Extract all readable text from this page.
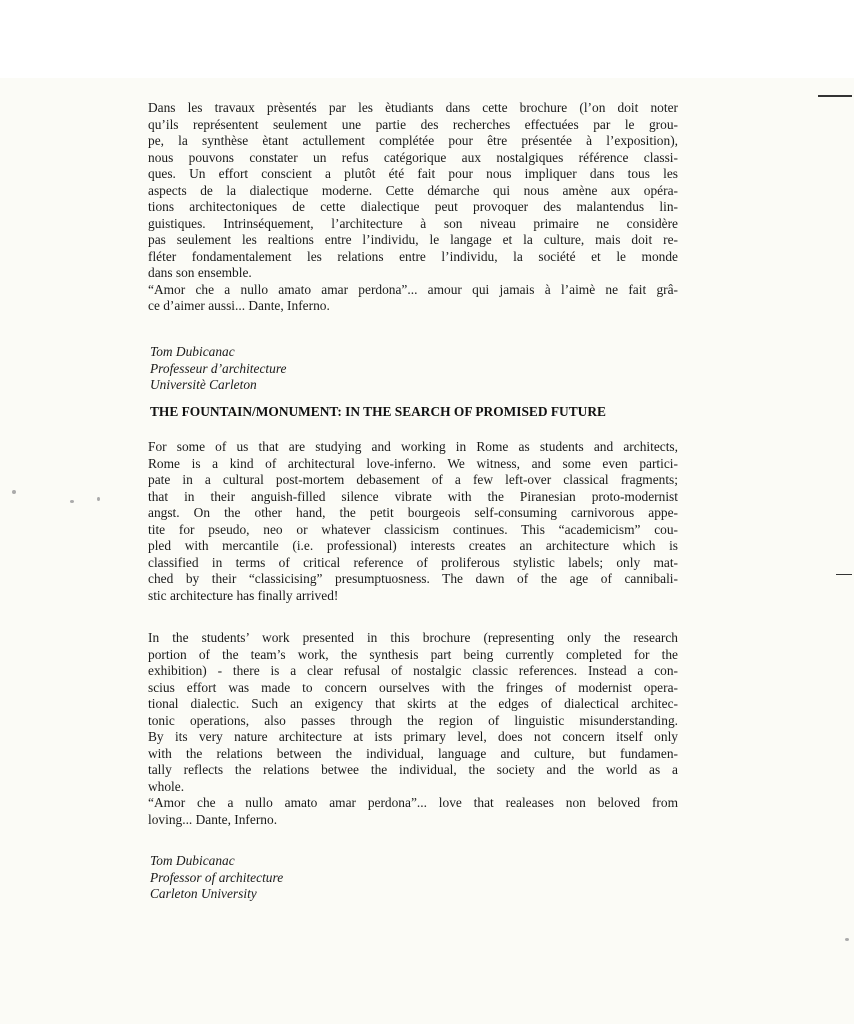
Dans les travaux prèsentés par les ètudiants dans cette brochure (l’on doit noter
qu’ils représentent seulement une partie des recherches effectuées par le grou-
pe, la synthèse ètant actullement complétée pour être présentée à l’exposition),
nous pouvons constater un refus catégorique aux nostalgiques référence classi-
ques. Un effort conscient a plutôt été fait pour nous impliquer dans tous les
aspects de la dialectique moderne. Cette démarche qui nous amène aux opéra-
tions architectoniques de cette dialectique peut provoquer des malantendus lin-
guistiques. Intrinséquement, l’architecture à son niveau primaire ne considère
pas seulement les realtions entre l’individu, le langage et la culture, mais doit re-
fléter fondamentalement les relations entre l’individu, la société et le monde
dans son ensemble.
“Amor che a nullo amato amar perdona”... amour qui jamais à l’aimè ne fait grâ-
ce d’aimer aussi... Dante, Inferno.

Tom Dubicanac
Professeur d’architecture
Universitè Carleton
THE FOUNTAIN/MONUMENT: IN THE SEARCH OF PROMISED FUTURE

For some of us that are studying and working in Rome as students and architects,
Rome is a kind of architectural love-inferno. We witness, and some even partici-
pate in a cultural post-mortem debasement of a few left-over classical fragments;
that in their anguish-filled silence vibrate with the Piranesian proto-modernist
angst. On the other hand, the petit bourgeois self-consuming carnivorous appe-
tite for pseudo, neo or whatever classicism continues. This “academicism” cou-
pled with mercantile (i.e. professional) interests creates an architecture which is
classified in terms of critical reference of proliferous stylistic labels; only mat-
ched by their “classicising” presumptuosness. The dawn of the age of cannibali-
stic architecture has finally arrived!

In the students’ work presented in this brochure (representing only the research
portion of the team’s work, the synthesis part being currently completed for the
exhibition) - there is a clear refusal of nostalgic classic references. Instead a con-
scius effort was made to concern ourselves with the fringes of modernist opera-
tional dialectic. Such an exigency that skirts at the edges of dialectical architec-
tonic operations, also passes through the region of linguistic misunderstanding.
By its very nature architecture at ists primary level, does not concern itself only
with the relations between the individual, language and culture, but fundamen-
tally reflects the relations betwee the individual, the society and the world as a
whole.
“Amor che a nullo amato amar perdona”... love that realeases non beloved from
loving... Dante, Inferno.

Tom Dubicanac
Professor of architecture
Carleton University
